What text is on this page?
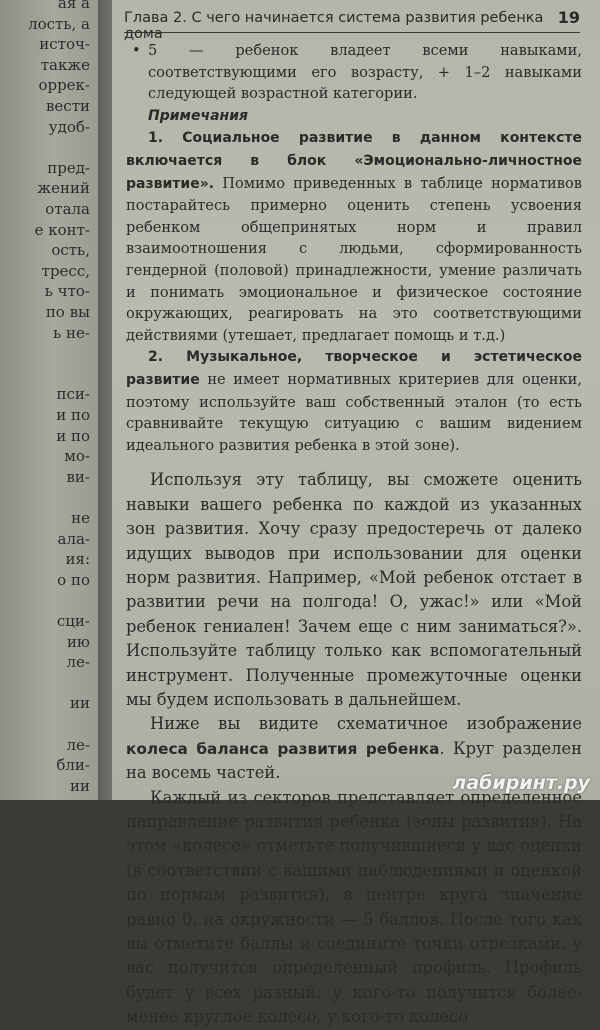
ая а
лость, а
источ-
также
оррек-
вести
удоб-
пред-
жений
отала
е конт-
ость,
тресс,
ь что-
по вы
ь не-
пси-
и по
и по
мо-
ви-
не
ала-
ия:
о по
сци-
ию
ле-
ии
ле-
бли-
ии
Глава 2. С чего начинается система развития ребенка дома
19
• 5 — ребенок владеет всеми навыками, соответствующими его возрасту, + 1–2 навыками следующей возрастной категории.
Примечания

1. Социальное развитие в данном контексте включается в блок «Эмоционально-личностное развитие». Помимо приведенных в таблице нормативов постарайтесь примерно оценить степень усвоения ребенком общепринятых норм и правил взаимоотношения с людьми, сформированность гендерной (половой) принадлежности, умение различать и понимать эмоциональное и физическое состояние окружающих, реагировать на это соответствующими действиями (утешает, предлагает помощь и т.д.)

2. Музыкальное, творческое и эстетическое развитие не имеет нормативных критериев для оценки, поэтому используйте ваш собственный эталон (то есть сравнивайте текущую ситуацию с вашим видением идеального развития ребенка в этой зоне).

Используя эту таблицу, вы сможете оценить навыки вашего ребенка по каждой из указанных зон развития. Хочу сразу предостеречь от далеко идущих выводов при использовании для оценки норм развития. Например, «Мой ребенок отстает в развитии речи на полгода! О, ужас!» или «Мой ребенок гениален! Зачем еще с ним заниматься?». Используйте таблицу только как вспомогательный инструмент. Полученные промежуточные оценки мы будем использовать в дальнейшем.

Ниже вы видите схематичное изображение колеса баланса развития ребенка. Круг разделен на восемь частей.

Каждый из секторов представляет определенное направление развития ребенка (зоны развития). На этом «колесе» отметьте получившиеся у вас оценки (в соответствии с вашими наблюдениями и оценкой по нормам развития), в центре круга значение равно 0, на окружности — 5 баллов. После того как вы отметите баллы и соедините точки отрезками, у вас получится определенный профиль. Профиль будет у всех разный: у кого-то получится более-менее круглое колесо, у кого-то колесо

лабиринт.ру
